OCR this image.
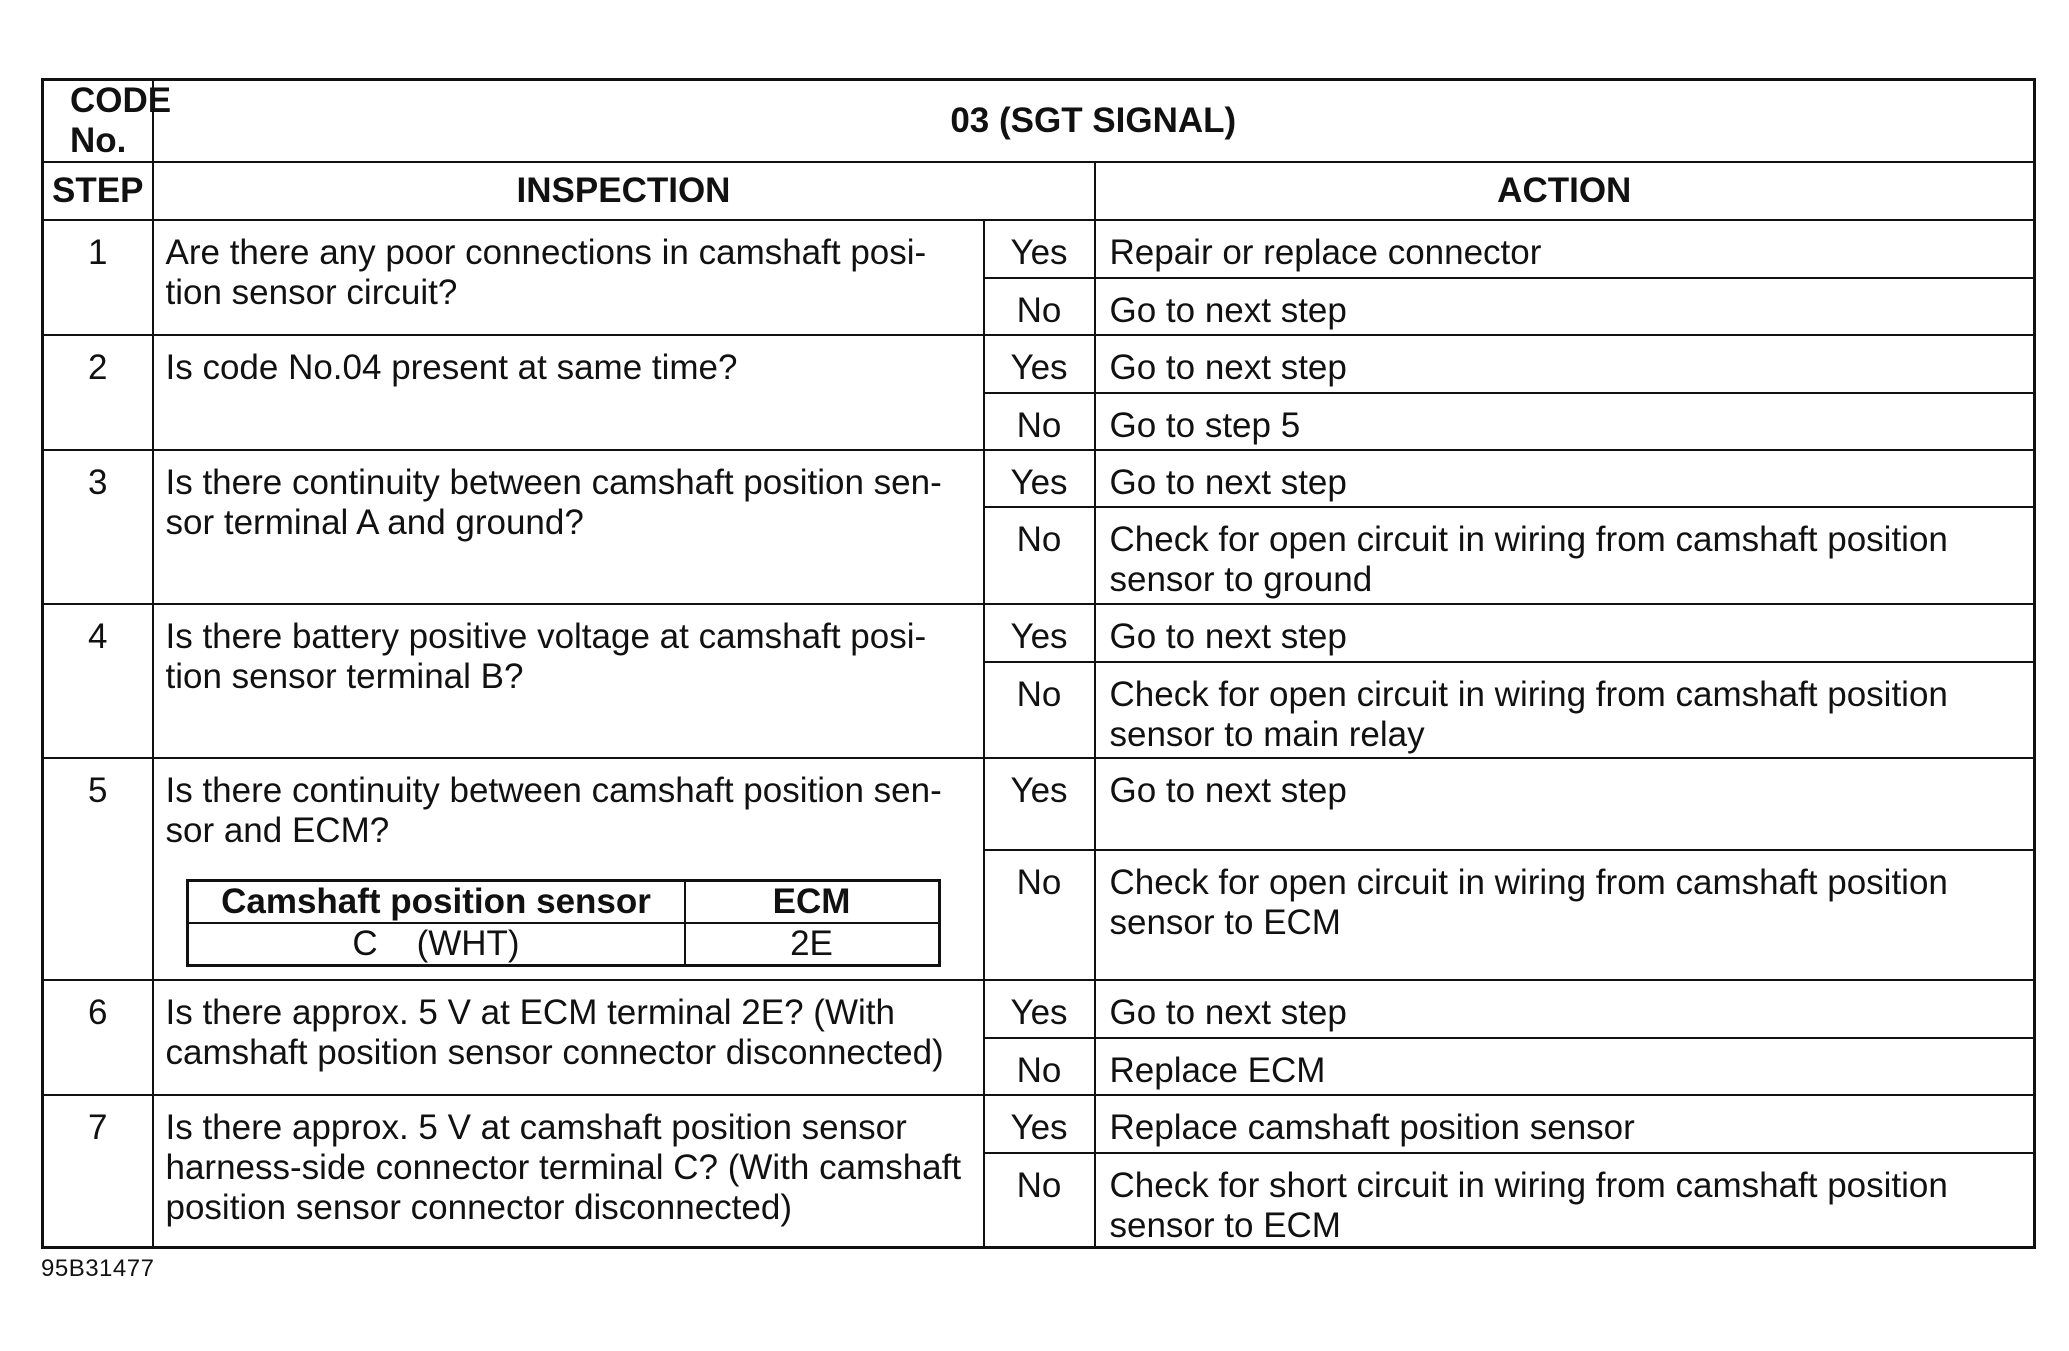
CODE No.	03 (SGT SIGNAL)
STEP	INSPECTION	ACTION
1	Are there any poor connections in camshaft posi-tion sensor circuit?	Yes	Repair or replace connector
No	Go to next step
2	Is code No.04 present at same time?	Yes	Go to next step
No	Go to step 5
3	Is there continuity between camshaft position sen-sor terminal A and ground?	Yes	Go to next step
No	Check for open circuit in wiring from camshaft position sensor to ground
4	Is there battery positive voltage at camshaft posi-tion sensor terminal B?	Yes	Go to next step
No	Check for open circuit in wiring from camshaft position sensor to main relay
5	Is there continuity between camshaft position sen-sor and ECM?
Camshaft position sensor	ECM
C    (WHT)	2E
	Yes	Go to next step
No	Check for open circuit in wiring from camshaft position sensor to ECM
6	Is there approx. 5 V at ECM terminal 2E? (With camshaft position sensor connector disconnected)	Yes	Go to next step
No	Replace ECM
7	Is there approx. 5 V at camshaft position sensor harness-side connector terminal C? (With camshaft position sensor connector disconnected)	Yes	Replace camshaft position sensor
No	Check for short circuit in wiring from camshaft position sensor to ECM
95B31477
